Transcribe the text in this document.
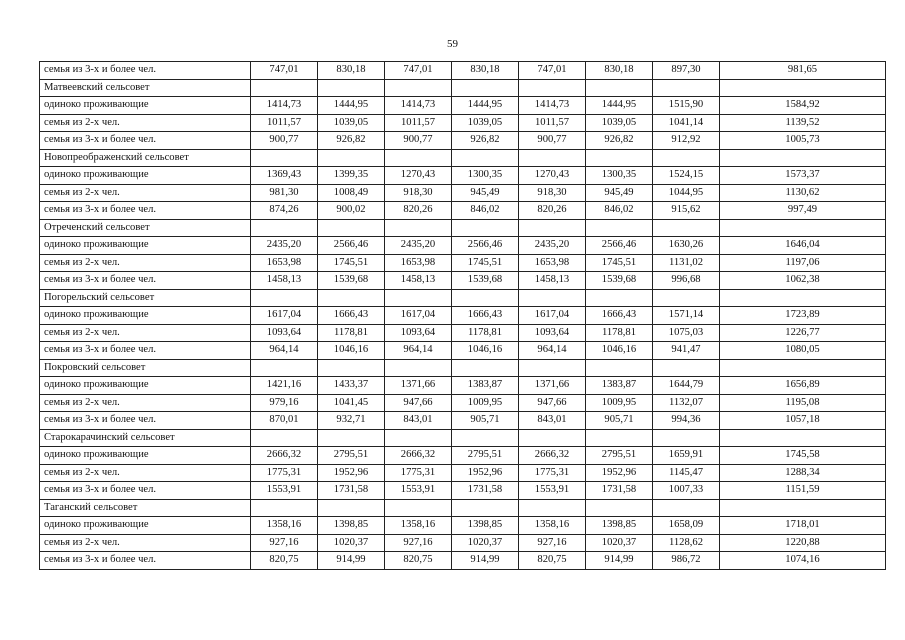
59
семья из 3-х и более чел.	747,01	830,18	747,01	830,18	747,01	830,18	897,30	981,65
Матвеевский сельсовет								
одиноко проживающие	1414,73	1444,95	1414,73	1444,95	1414,73	1444,95	1515,90	1584,92
семья из 2-х чел.	1011,57	1039,05	1011,57	1039,05	1011,57	1039,05	1041,14	1139,52
семья из 3-х и более чел.	900,77	926,82	900,77	926,82	900,77	926,82	912,92	1005,73
Новопреображенский сельсовет								
одиноко проживающие	1369,43	1399,35	1270,43	1300,35	1270,43	1300,35	1524,15	1573,37
семья из 2-х чел.	981,30	1008,49	918,30	945,49	918,30	945,49	1044,95	1130,62
семья из 3-х и более чел.	874,26	900,02	820,26	846,02	820,26	846,02	915,62	997,49
Отреченский сельсовет								
одиноко проживающие	2435,20	2566,46	2435,20	2566,46	2435,20	2566,46	1630,26	1646,04
семья из 2-х чел.	1653,98	1745,51	1653,98	1745,51	1653,98	1745,51	1131,02	1197,06
семья из 3-х и более чел.	1458,13	1539,68	1458,13	1539,68	1458,13	1539,68	996,68	1062,38
Погорельский сельсовет								
одиноко проживающие	1617,04	1666,43	1617,04	1666,43	1617,04	1666,43	1571,14	1723,89
семья из 2-х чел.	1093,64	1178,81	1093,64	1178,81	1093,64	1178,81	1075,03	1226,77
семья из 3-х и более чел.	964,14	1046,16	964,14	1046,16	964,14	1046,16	941,47	1080,05
Покровский сельсовет								
одиноко проживающие	1421,16	1433,37	1371,66	1383,87	1371,66	1383,87	1644,79	1656,89
семья из 2-х чел.	979,16	1041,45	947,66	1009,95	947,66	1009,95	1132,07	1195,08
семья из 3-х и более чел.	870,01	932,71	843,01	905,71	843,01	905,71	994,36	1057,18
Старокарачинский сельсовет								
одиноко проживающие	2666,32	2795,51	2666,32	2795,51	2666,32	2795,51	1659,91	1745,58
семья из 2-х чел.	1775,31	1952,96	1775,31	1952,96	1775,31	1952,96	1145,47	1288,34
семья из 3-х и более чел.	1553,91	1731,58	1553,91	1731,58	1553,91	1731,58	1007,33	1151,59
Таганский сельсовет								
одиноко проживающие	1358,16	1398,85	1358,16	1398,85	1358,16	1398,85	1658,09	1718,01
семья из 2-х чел.	927,16	1020,37	927,16	1020,37	927,16	1020,37	1128,62	1220,88
семья из 3-х и более чел.	820,75	914,99	820,75	914,99	820,75	914,99	986,72	1074,16
